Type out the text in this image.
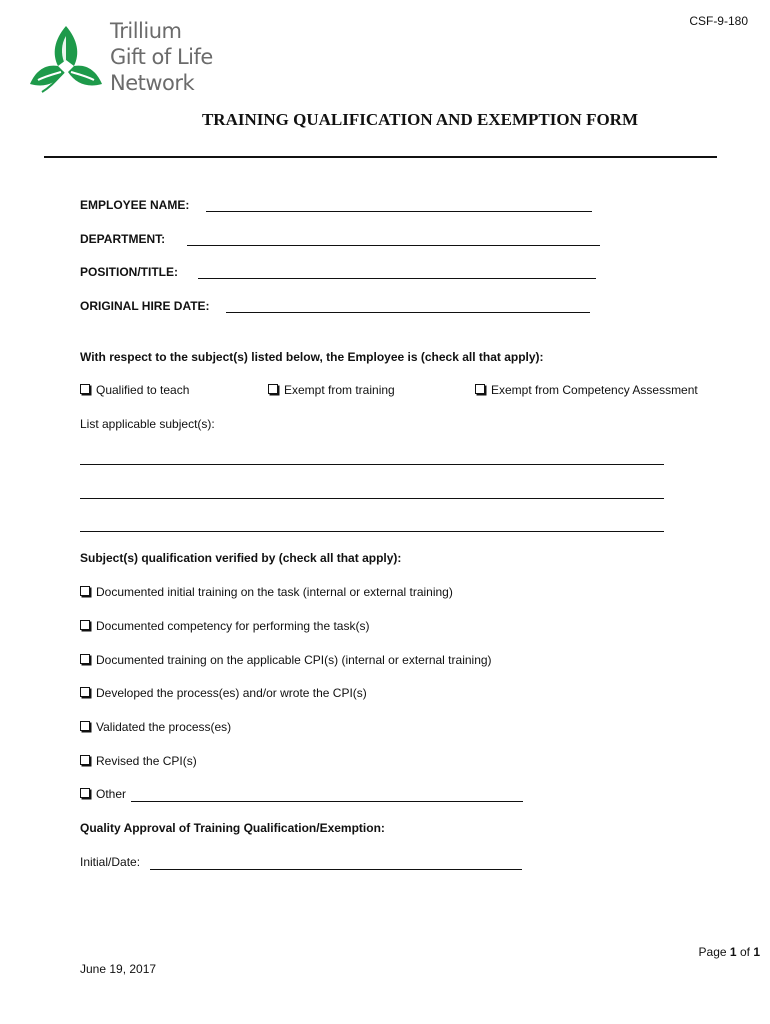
Trillium
Gift of Life
Network
CSF-9-180
TRAINING QUALIFICATION AND EXEMPTION FORM
EMPLOYEE NAME:
DEPARTMENT:
POSITION/TITLE:
ORIGINAL HIRE DATE:
With respect to the subject(s) listed below, the Employee is (check all that apply):
Qualified to teach	Exempt from training	Exempt from Competency Assessment
List applicable subject(s):
Subject(s) qualification verified by (check all that apply):
Documented initial training on the task (internal or external training)
Documented competency for performing the task(s)
Documented training on the applicable CPI(s) (internal or external training)
Developed the process(es) and/or wrote the CPI(s)
Validated the process(es)
Revised the CPI(s)
Other
Quality Approval of Training Qualification/Exemption:
Initial/Date:
Page 1 of 1
June 19, 2017
